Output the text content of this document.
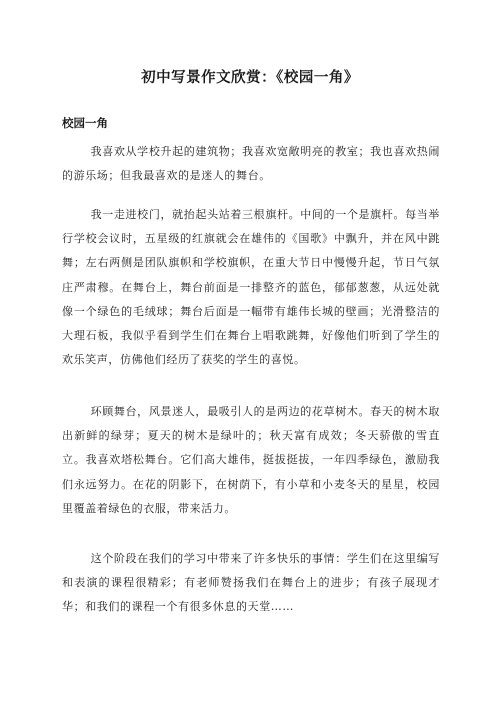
初中写景作文欣赏：《校园一角》
校园一角

我喜欢从学校升起的建筑物；我喜欢宽敞明亮的教室；我也喜欢热闹的游乐场；但我最喜欢的是迷人的舞台。

我一走进校门，就抬起头站着三根旗杆。中间的一个是旗杆。每当举行学校会议时，五星级的红旗就会在雄伟的《国歌》中飘升，并在风中跳舞；左右两侧是团队旗帜和学校旗帜，在重大节日中慢慢升起，节日气氛庄严肃穆。在舞台上，舞台前面是一排整齐的蓝色，郁郁葱葱，从远处就像一个绿色的毛绒球；舞台后面是一幅带有雄伟长城的壁画；光滑整洁的大理石板，我似乎看到学生们在舞台上唱歌跳舞，好像他们听到了学生的欢乐笑声，仿佛他们经历了获奖的学生的喜悦。

环顾舞台，风景迷人，最吸引人的是两边的花草树木。春天的树木取出新鲜的绿芽；夏天的树木是绿叶的；秋天富有成效；冬天骄傲的雪直立。我喜欢塔松舞台。它们高大雄伟，挺拔挺拔，一年四季绿色，激励我们永远努力。在花的阴影下，在树荫下，有小草和小麦冬天的星星，校园里覆盖着绿色的衣服，带来活力。

这个阶段在我们的学习中带来了许多快乐的事情：学生们在这里编写和表演的课程很精彩；有老师赞扬我们在舞台上的进步；有孩子展现才华；和我们的课程一个有很多休息的天堂……
